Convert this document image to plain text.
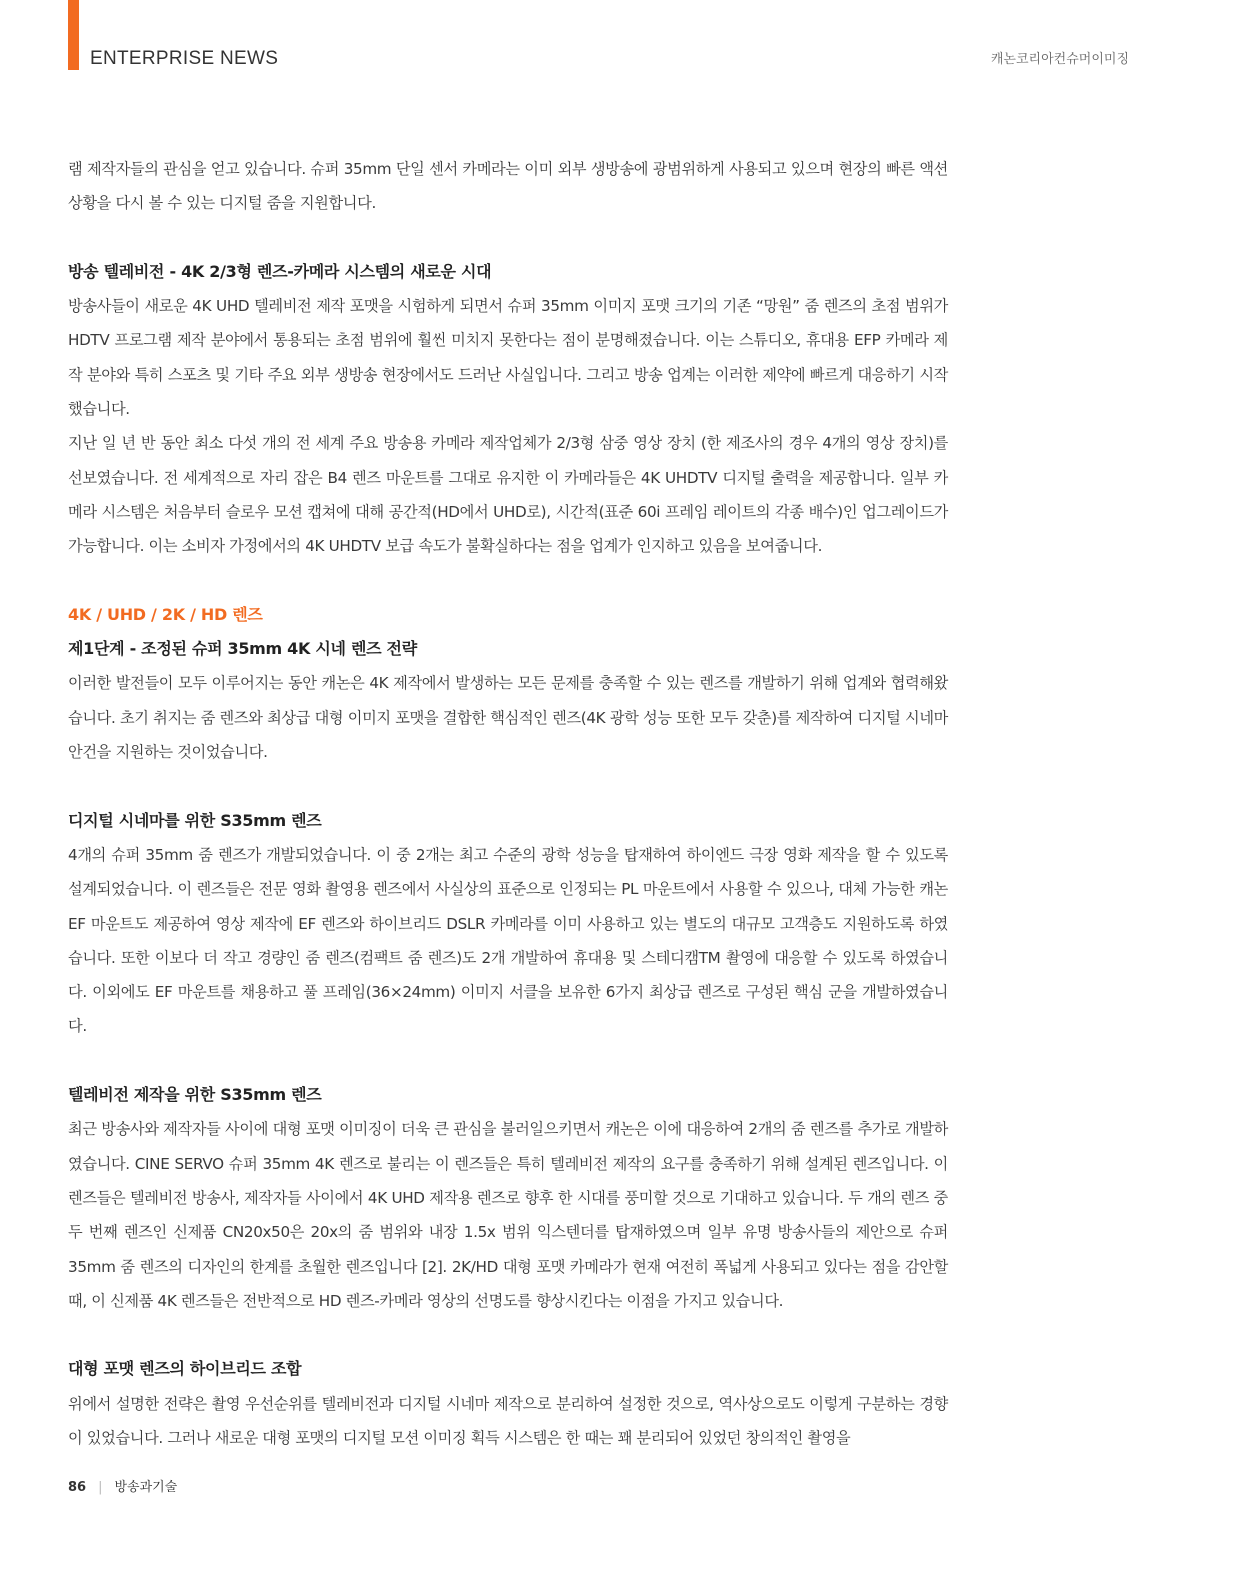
ENTERPRISE NEWS	캐논코리아컨슈머이미징

램 제작자들의 관심을 얻고 있습니다. 슈퍼 35mm 단일 센서 카메라는 이미 외부 생방송에 광범위하게 사용되고 있으며 현장의 빠른 액션 상황을 다시 볼 수 있는 디지털 줌을 지원합니다.

방송 텔레비전 - 4K 2/3형 렌즈-카메라 시스템의 새로운 시대

방송사들이 새로운 4K UHD 텔레비전 제작 포맷을 시험하게 되면서 슈퍼 35mm 이미지 포맷 크기의 기존 “망원” 줌 렌즈의 초점 범위가 HDTV 프로그램 제작 분야에서 통용되는 초점 범위에 훨씬 미치지 못한다는 점이 분명해졌습니다. 이는 스튜디오, 휴대용 EFP 카메라 제작 분야와 특히 스포츠 및 기타 주요 외부 생방송 현장에서도 드러난 사실입니다. 그리고 방송 업계는 이러한 제약에 빠르게 대응하기 시작했습니다.

지난 일 년 반 동안 최소 다섯 개의 전 세계 주요 방송용 카메라 제작업체가 2/3형 삼중 영상 장치 (한 제조사의 경우 4개의 영상 장치)를 선보였습니다. 전 세계적으로 자리 잡은 B4 렌즈 마운트를 그대로 유지한 이 카메라들은 4K UHDTV 디지털 출력을 제공합니다. 일부 카메라 시스템은 처음부터 슬로우 모션 캡쳐에 대해 공간적(HD에서 UHD로), 시간적(표준 60i 프레임 레이트의 각종 배수)인 업그레이드가 가능합니다. 이는 소비자 가정에서의 4K UHDTV 보급 속도가 불확실하다는 점을 업계가 인지하고 있음을 보여줍니다.

4K / UHD / 2K / HD 렌즈

제1단계 - 조정된 슈퍼 35mm 4K 시네 렌즈 전략

이러한 발전들이 모두 이루어지는 동안 캐논은 4K 제작에서 발생하는 모든 문제를 충족할 수 있는 렌즈를 개발하기 위해 업계와 협력해왔습니다. 초기 취지는 줌 렌즈와 최상급 대형 이미지 포맷을 결합한 핵심적인 렌즈(4K 광학 성능 또한 모두 갖춘)를 제작하여 디지털 시네마 안건을 지원하는 것이었습니다.

디지털 시네마를 위한 S35mm 렌즈

4개의 슈퍼 35mm 줌 렌즈가 개발되었습니다. 이 중 2개는 최고 수준의 광학 성능을 탑재하여 하이엔드 극장 영화 제작을 할 수 있도록 설계되었습니다. 이 렌즈들은 전문 영화 촬영용 렌즈에서 사실상의 표준으로 인정되는 PL 마운트에서 사용할 수 있으나, 대체 가능한 캐논 EF 마운트도 제공하여 영상 제작에 EF 렌즈와 하이브리드 DSLR 카메라를 이미 사용하고 있는 별도의 대규모 고객층도 지원하도록 하였습니다. 또한 이보다 더 작고 경량인 줌 렌즈(컴팩트 줌 렌즈)도 2개 개발하여 휴대용 및 스테디캠TM 촬영에 대응할 수 있도록 하였습니다. 이외에도 EF 마운트를 채용하고 풀 프레임(36×24mm) 이미지 서클을 보유한 6가지 최상급 렌즈로 구성된 핵심 군을 개발하였습니다.

텔레비전 제작을 위한 S35mm 렌즈

최근 방송사와 제작자들 사이에 대형 포맷 이미징이 더욱 큰 관심을 불러일으키면서 캐논은 이에 대응하여 2개의 줌 렌즈를 추가로 개발하였습니다. CINE SERVO 슈퍼 35mm 4K 렌즈로 불리는 이 렌즈들은 특히 텔레비전 제작의 요구를 충족하기 위해 설계된 렌즈입니다. 이 렌즈들은 텔레비전 방송사, 제작자들 사이에서 4K UHD 제작용 렌즈로 향후 한 시대를 풍미할 것으로 기대하고 있습니다. 두 개의 렌즈 중 두 번째 렌즈인 신제품 CN20x50은 20x의 줌 범위와 내장 1.5x 범위 익스텐더를 탑재하였으며 일부 유명 방송사들의 제안으로 슈퍼 35mm 줌 렌즈의 디자인의 한계를 초월한 렌즈입니다 [2]. 2K/HD 대형 포맷 카메라가 현재 여전히 폭넓게 사용되고 있다는 점을 감안할 때, 이 신제품 4K 렌즈들은 전반적으로 HD 렌즈-카메라 영상의 선명도를 향상시킨다는 이점을 가지고 있습니다.

대형 포맷 렌즈의 하이브리드 조합

위에서 설명한 전략은 촬영 우선순위를 텔레비전과 디지털 시네마 제작으로 분리하여 설정한 것으로, 역사상으로도 이렇게 구분하는 경향이 있었습니다. 그러나 새로운 대형 포맷의 디지털 모션 이미징 획득 시스템은 한 때는 꽤 분리되어 있었던 창의적인 촬영을

86 | 방송과기술
